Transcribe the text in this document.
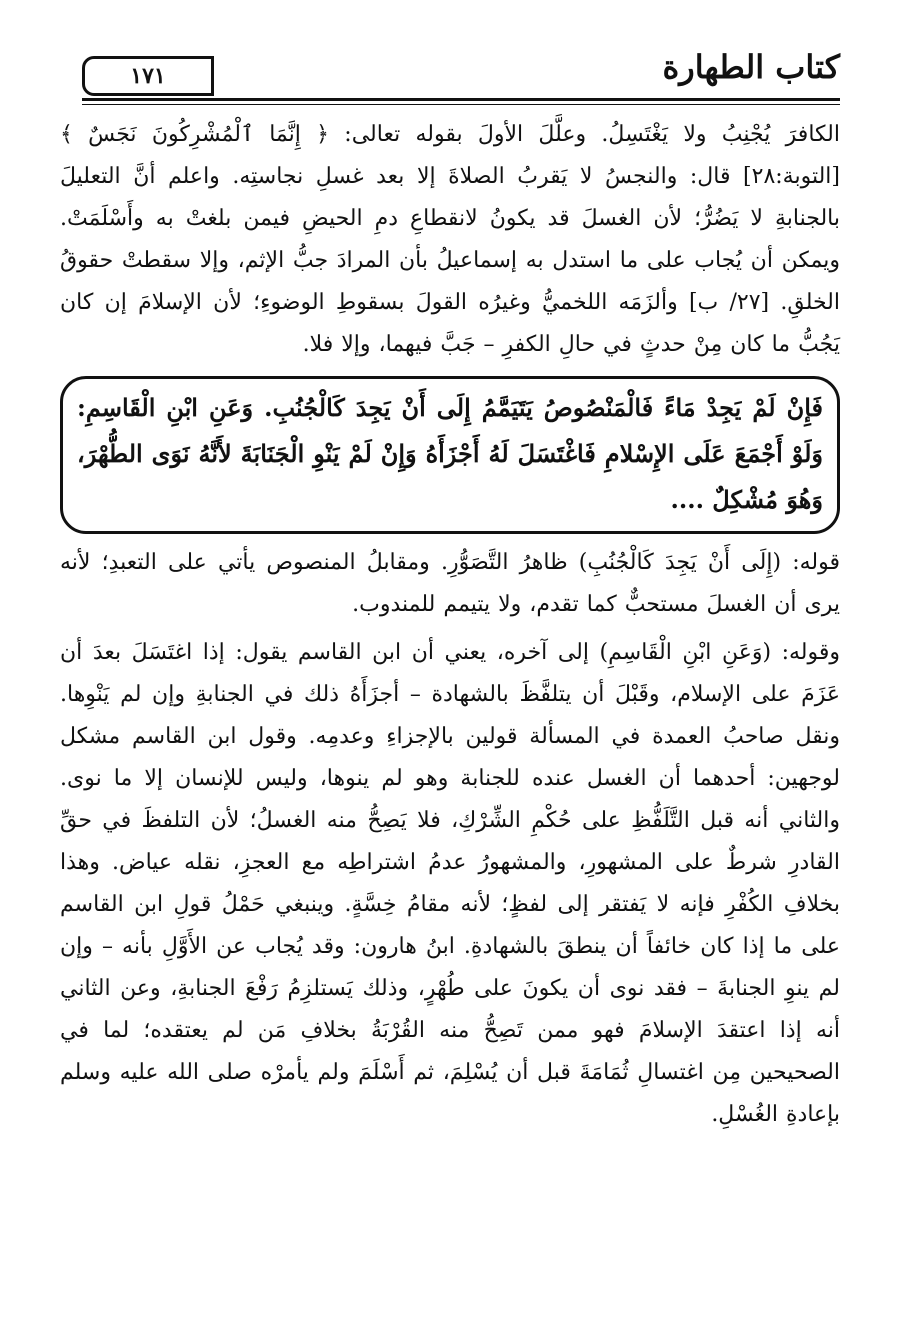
كتاب الطهارة
١٧١

الكافرَ يُجْنِبُ ولا يَغْتَسِلُ. وعلَّلَ الأولَ بقوله تعالى: ﴿ إِنَّمَا ٱلْمُشْرِكُونَ نَجَسٌ ﴾ [التوبة:٢٨] قال: والنجسُ لا يَقربُ الصلاةَ إلا بعد غسلِ نجاستِه. واعلم أنَّ التعليلَ بالجنابةِ لا يَضُرُّ؛ لأن الغسلَ قد يكونُ لانقطاعِ دمِ الحيضِ فيمن بلغتْ به وأَسْلَمَتْ. ويمكن أن يُجاب على ما استدل به إسماعيلُ بأن المرادَ جبُّ الإثم، وإلا سقطتْ حقوقُ الخلقِ. [٢٧/ ب] وألزَمَه اللخميُّ وغيرُه القولَ بسقوطِ الوضوءِ؛ لأن الإسلامَ إن كان يَجُبُّ ما كان مِنْ حدثٍ في حالِ الكفرِ – جَبَّ فيهما، وإلا فلا.

فَإِنْ لَمْ يَجِدْ مَاءً فَالْمَنْصُوصُ يَتَيَمَّمُ إِلَى أَنْ يَجِدَ كَالْجُنُبِ. وَعَنِ ابْنِ الْقَاسِمِ: وَلَوْ أَجْمَعَ عَلَى الإِسْلامِ فَاغْتَسَلَ لَهُ أَجْزَأَهُ وَإِنْ لَمْ يَنْوِ الْجَنَابَةَ لأَنَّهُ نَوَى الطُّهْرَ، وَهُوَ مُشْكِلٌ ....

قوله: (إِلَى أَنْ يَجِدَ كَالْجُنُبِ) ظاهرُ التَّصَوُّرِ. ومقابلُ المنصوص يأتي على التعبدِ؛ لأنه يرى أن الغسلَ مستحبٌّ كما تقدم، ولا يتيمم للمندوب.

وقوله: (وَعَنِ ابْنِ الْقَاسِمِ) إلى آخره، يعني أن ابن القاسم يقول: إذا اغتَسَلَ بعدَ أن عَزَمَ على الإسلام، وقَبْلَ أن يتلفَّظَ بالشهادة – أجزَأَهُ ذلك في الجنابةِ وإن لم يَنْوِها. ونقل صاحبُ العمدة في المسألة قولين بالإجزاءِ وعدمِه. وقول ابن القاسم مشكل لوجهين: أحدهما أن الغسل عنده للجنابة وهو لم ينوها، وليس للإنسان إلا ما نوى. والثاني أنه قبل التَّلَفُّظِ على حُكْمِ الشِّرْكِ، فلا يَصِحُّ منه الغسلُ؛ لأن التلفظَ في حقِّ القادرِ شرطٌ على المشهورِ، والمشهورُ عدمُ اشتراطِه مع العجزِ، نقله عياض. وهذا بخلافِ الكُفْرِ فإنه لا يَفتقر إلى لفظٍ؛ لأنه مقامُ خِسَّةٍ. وينبغي حَمْلُ قولِ ابن القاسم على ما إذا كان خائفاً أن ينطقَ بالشهادةِ. ابنُ هارون: وقد يُجاب عن الأَوَّلِ بأنه – وإن لم ينوِ الجنابةَ – فقد نوى أن يكونَ على طُهْرٍ، وذلك يَستلزِمُ رَفْعَ الجنابةِ، وعن الثاني أنه إذا اعتقدَ الإسلامَ فهو ممن تَصِحُّ منه القُرْبَةُ بخلافِ مَن لم يعتقده؛ لما في الصحيحين مِن اغتسالِ ثُمَامَةَ قبل أن يُسْلِمَ، ثم أَسْلَمَ ولم يأمرْه صلى الله عليه وسلم بإعادةِ الغُسْلِ.
